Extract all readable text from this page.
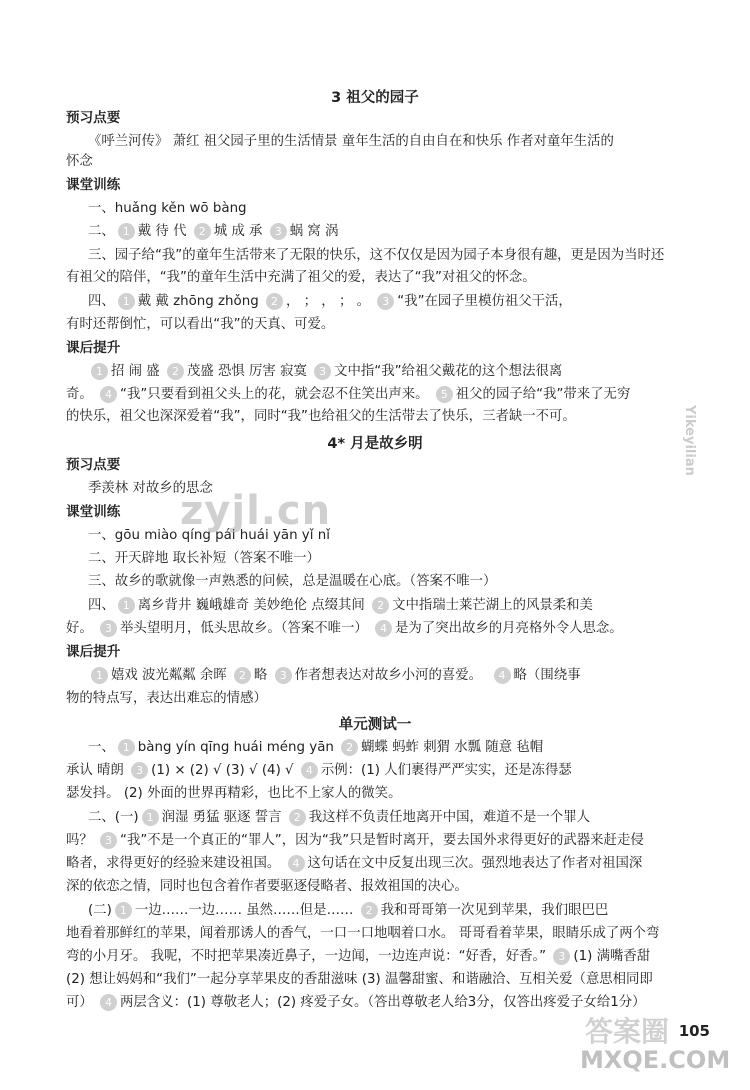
3 祖父的园子
预习点要
《呼兰河传》 萧红 祖父园子里的生活情景 童年生活的自由自在和快乐 作者对童年生活的
怀念
课堂训练
一、huǎng kěn wō bàng
二、 1 戴 待 代 2 城 成 承 3 蜗 窝 涡
三、园子给“我”的童年生活带来了无限的快乐，这不仅仅是因为园子本身很有趣，更是因为当时还
有祖父的陪伴，“我”的童年生活中充满了祖父的爱，表达了“我”对祖父的怀念。
四、 1 戴 戴 zhōng zhǒng 2 ， ； ， ； 。 3 “我”在园子里模仿祖父干活，
有时还帮倒忙，可以看出“我”的天真、可爱。
课后提升
1 招 闹 盛 2 茂盛 恐惧 厉害 寂寞 3 文中指“我”给祖父戴花的这个想法很离
奇。 4 “我”只要看到祖父头上的花，就会忍不住笑出声来。 5 祖父的园子给“我”带来了无穷
的快乐，祖父也深深爱着“我”，同时“我”也给祖父的生活带去了快乐，三者缺一不可。
4* 月是故乡明
预习点要
季羡林 对故乡的思念
课堂训练
一、gōu miào qíng pái huái yān yǐ nǐ
二、开天辟地 取长补短（答案不唯一）
三、故乡的歌就像一声熟悉的问候，总是温暖在心底。（答案不唯一）
四、 1 离乡背井 巍峨雄奇 美妙绝伦 点缀其间 2 文中指瑞士莱芒湖上的风景柔和美
好。 3 举头望明月，低头思故乡。（答案不唯一） 4 是为了突出故乡的月亮格外令人思念。
课后提升
1 嬉戏 波光粼粼 余晖 2 略 3 作者想表达对故乡小河的喜爱。 4 略（围绕事
物的特点写，表达出难忘的情感）
单元测试一
一、 1 bàng yín qīng huái méng yān 2 蝴蝶 蚂蚱 刺猬 水瓢 随意 毡帽
承认 晴朗 3 (1) × (2) √ (3) √ (4) √ 4 示例：(1) 人们裹得严严实实，还是冻得瑟
瑟发抖。 (2) 外面的世界再精彩，也比不上家人的微笑。
二、(一) 1 润湿 勇猛 驱逐 誓言 2 我这样不负责任地离开中国，难道不是一个罪人
吗？ 3 “我”不是一个真正的“罪人”，因为“我”只是暂时离开，要去国外求得更好的武器来赶走侵
略者，求得更好的经验来建设祖国。 4 这句话在文中反复出现三次。强烈地表达了作者对祖国深
深的依恋之情，同时也包含着作者要驱逐侵略者、报效祖国的决心。
(二) 1 一边……一边…… 虽然……但是…… 2 我和哥哥第一次见到苹果，我们眼巴巴
地看着那鲜红的苹果，闻着那诱人的香气，一口一口地咽着口水。 哥哥看着苹果，眼睛乐成了两个弯
弯的小月牙。 我呢，不时把苹果凑近鼻子，一边闻，一边连声说：“好香，好香。” 3 (1) 满嘴香甜
(2) 想让妈妈和“我们”一起分享苹果皮的香甜滋味 (3) 温馨甜蜜、和谐融洽、互相关爱（意思相同即
可） 4 两层含义：(1) 尊敬老人；(2) 疼爱子女。（答出尊敬老人给3分，仅答出疼爱子女给1分）
105
zyjl.cn
Yikeyilian
答案圈
MXQE.COM
